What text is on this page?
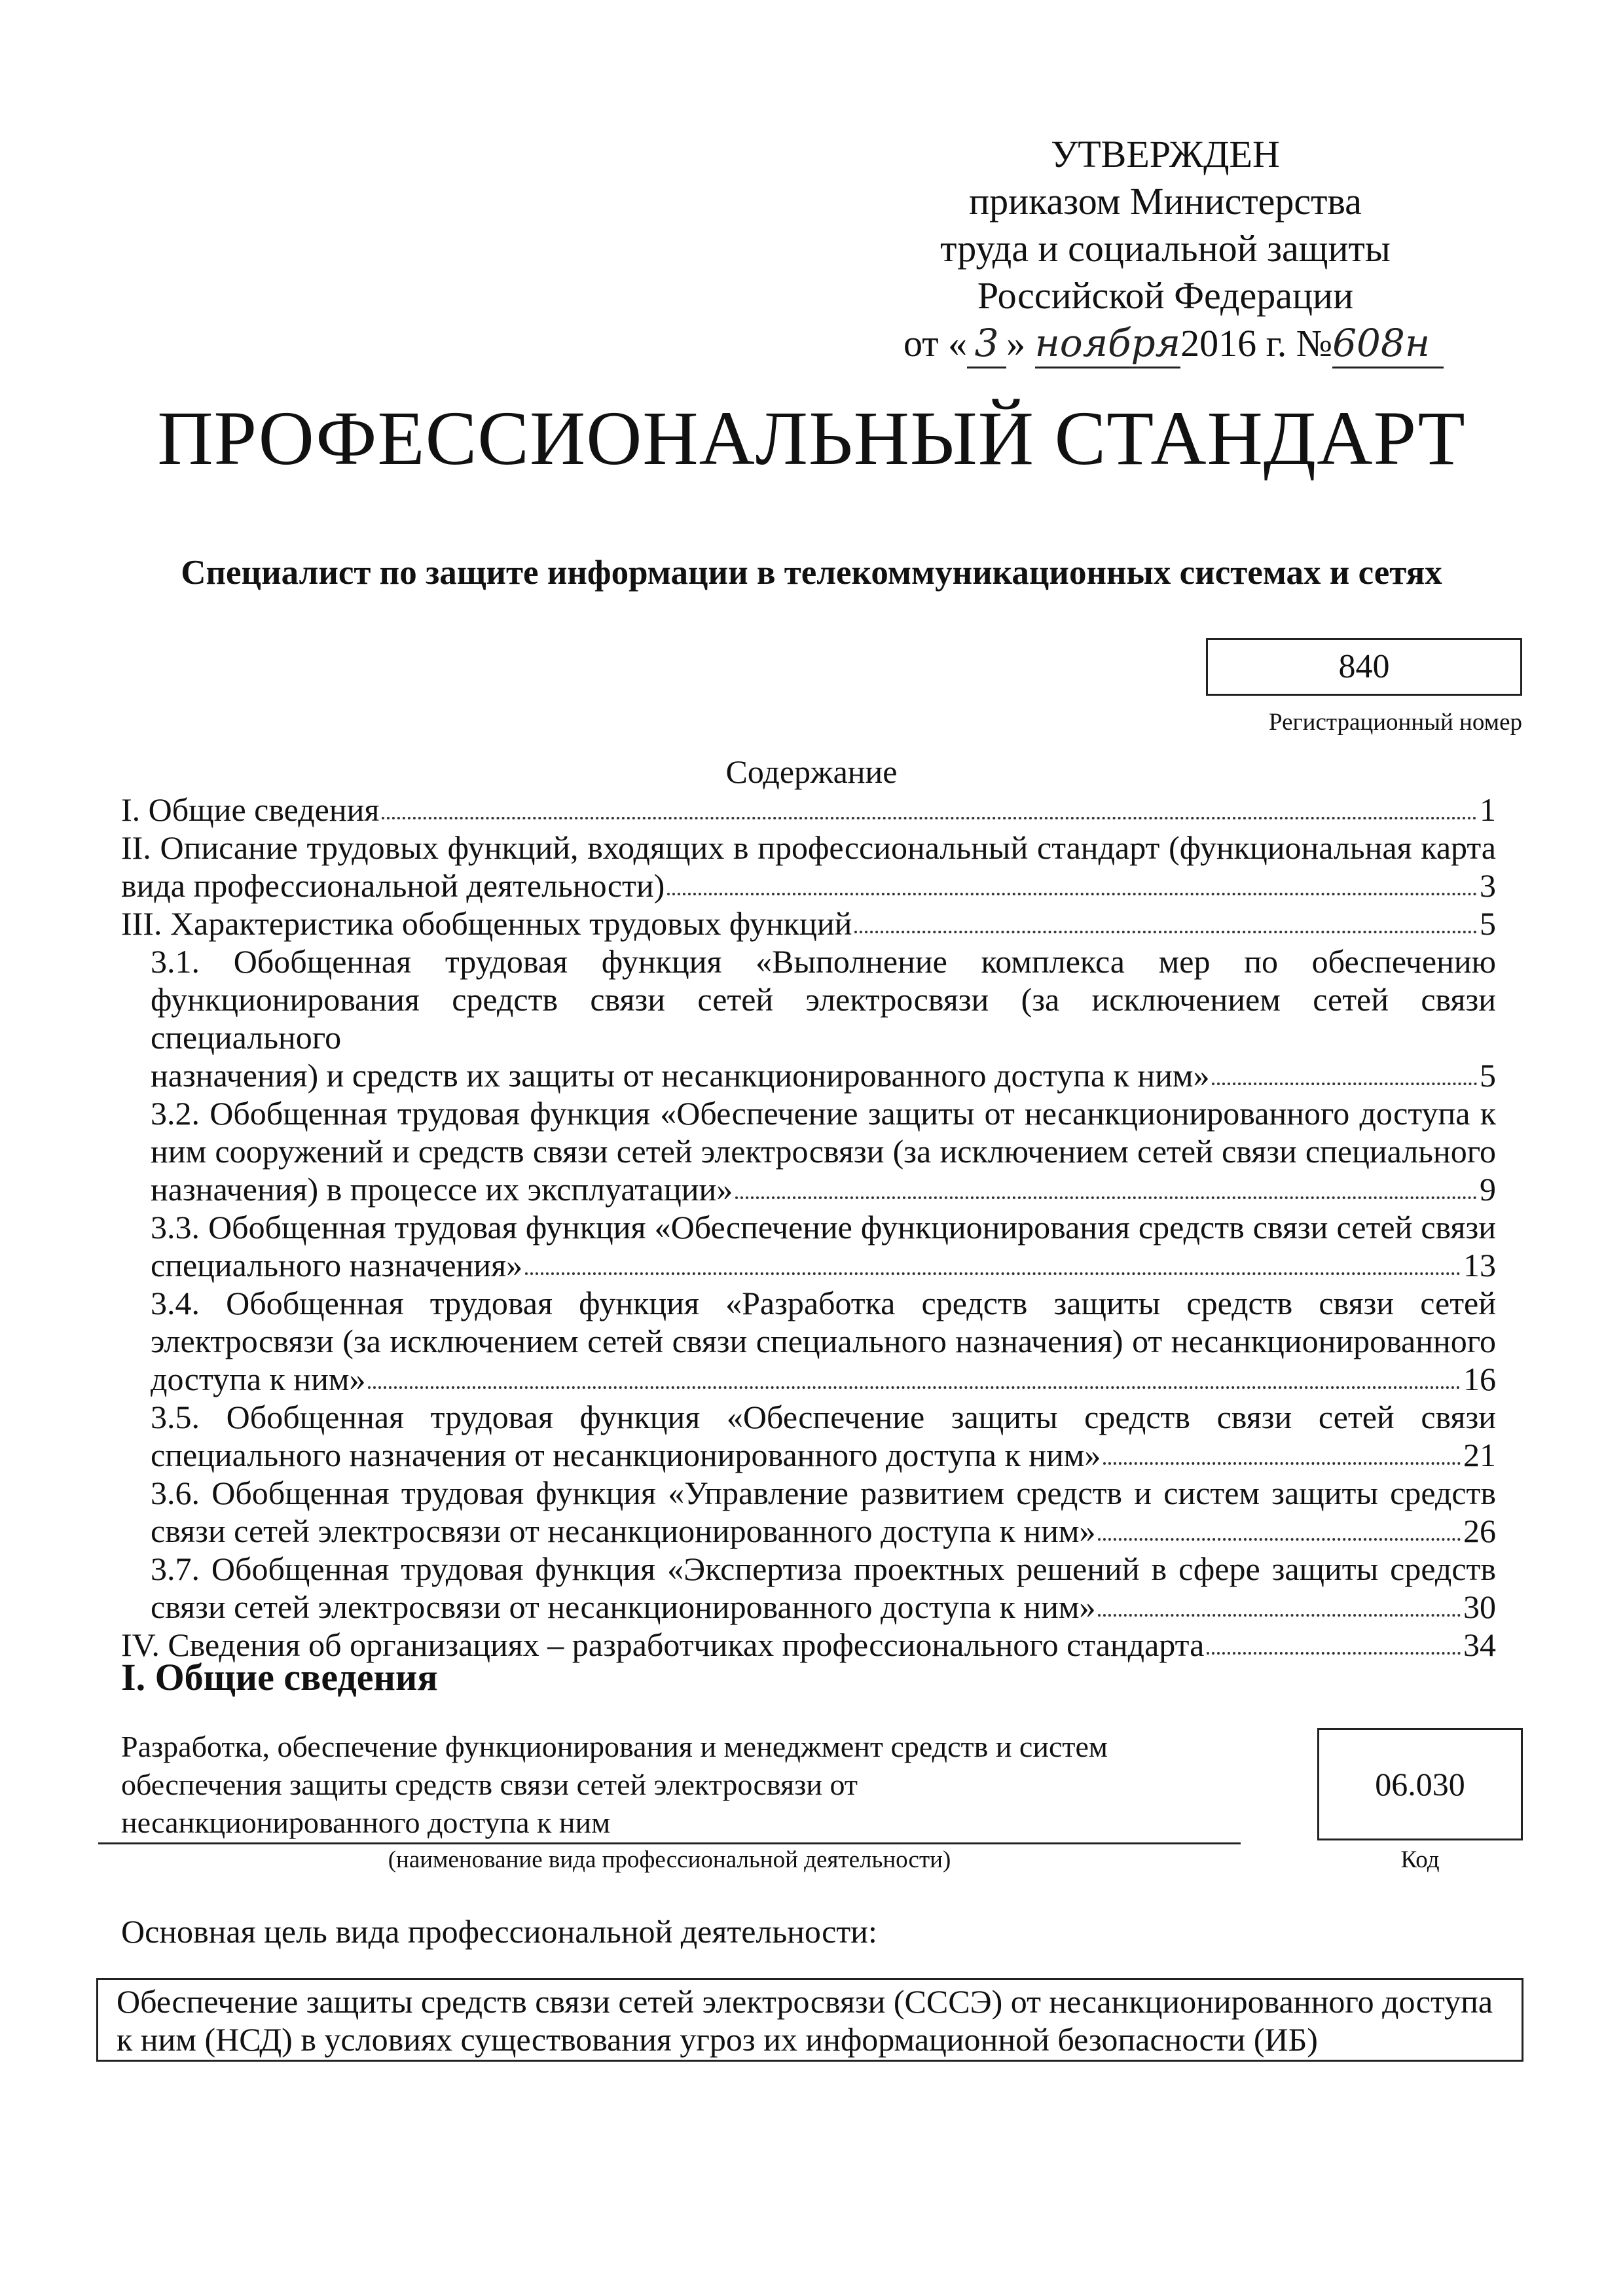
УТВЕРЖДЕН
приказом Министерства
труда и социальной защиты
Российской Федерации
от « 3 » ноября2016 г. №608н
ПРОФЕССИОНАЛЬНЫЙ СТАНДАРТ
Специалист по защите информации в телекоммуникационных системах и сетях
840
Регистрационный номер
Содержание
I. Общие сведения	1
II. Описание трудовых функций, входящих в профессиональный стандарт (функциональная карта
вида профессиональной деятельности)	3
III. Характеристика обобщенных трудовых функций	5
3.1. Обобщенная трудовая функция «Выполнение комплекса мер по обеспечению
функционирования средств связи сетей электросвязи (за исключением сетей связи специального
назначения) и средств их защиты от несанкционированного доступа к ним»	5
3.2. Обобщенная трудовая функция «Обеспечение защиты от несанкционированного доступа к
ним сооружений и средств связи сетей электросвязи (за исключением сетей связи специального
назначения) в процессе их эксплуатации»	9
3.3. Обобщенная трудовая функция «Обеспечение функционирования средств связи сетей связи
специального назначения»	13
3.4. Обобщенная трудовая функция «Разработка средств защиты средств связи сетей
электросвязи (за исключением сетей связи специального назначения) от несанкционированного
доступа к ним»	16
3.5. Обобщенная трудовая функция «Обеспечение защиты средств связи сетей связи
специального назначения от несанкционированного доступа к ним»	21
3.6. Обобщенная трудовая функция «Управление развитием средств и систем защиты средств
связи сетей электросвязи от несанкционированного доступа к ним»	26
3.7. Обобщенная трудовая функция «Экспертиза проектных решений в сфере защиты средств
связи сетей электросвязи от несанкционированного доступа к ним»	30
IV. Сведения об организациях – разработчиках профессионального стандарта	34
I. Общие сведения
Разработка, обеспечение функционирования и менеджмент средств и систем
обеспечения защиты средств связи сетей электросвязи от
несанкционированного доступа к ним
(наименование вида профессиональной деятельности)
06.030
Код
Основная цель вида профессиональной деятельности:
Обеспечение защиты средств связи сетей электросвязи (СССЭ) от несанкционированного доступа
к ним (НСД) в условиях существования угроз их информационной безопасности (ИБ)
